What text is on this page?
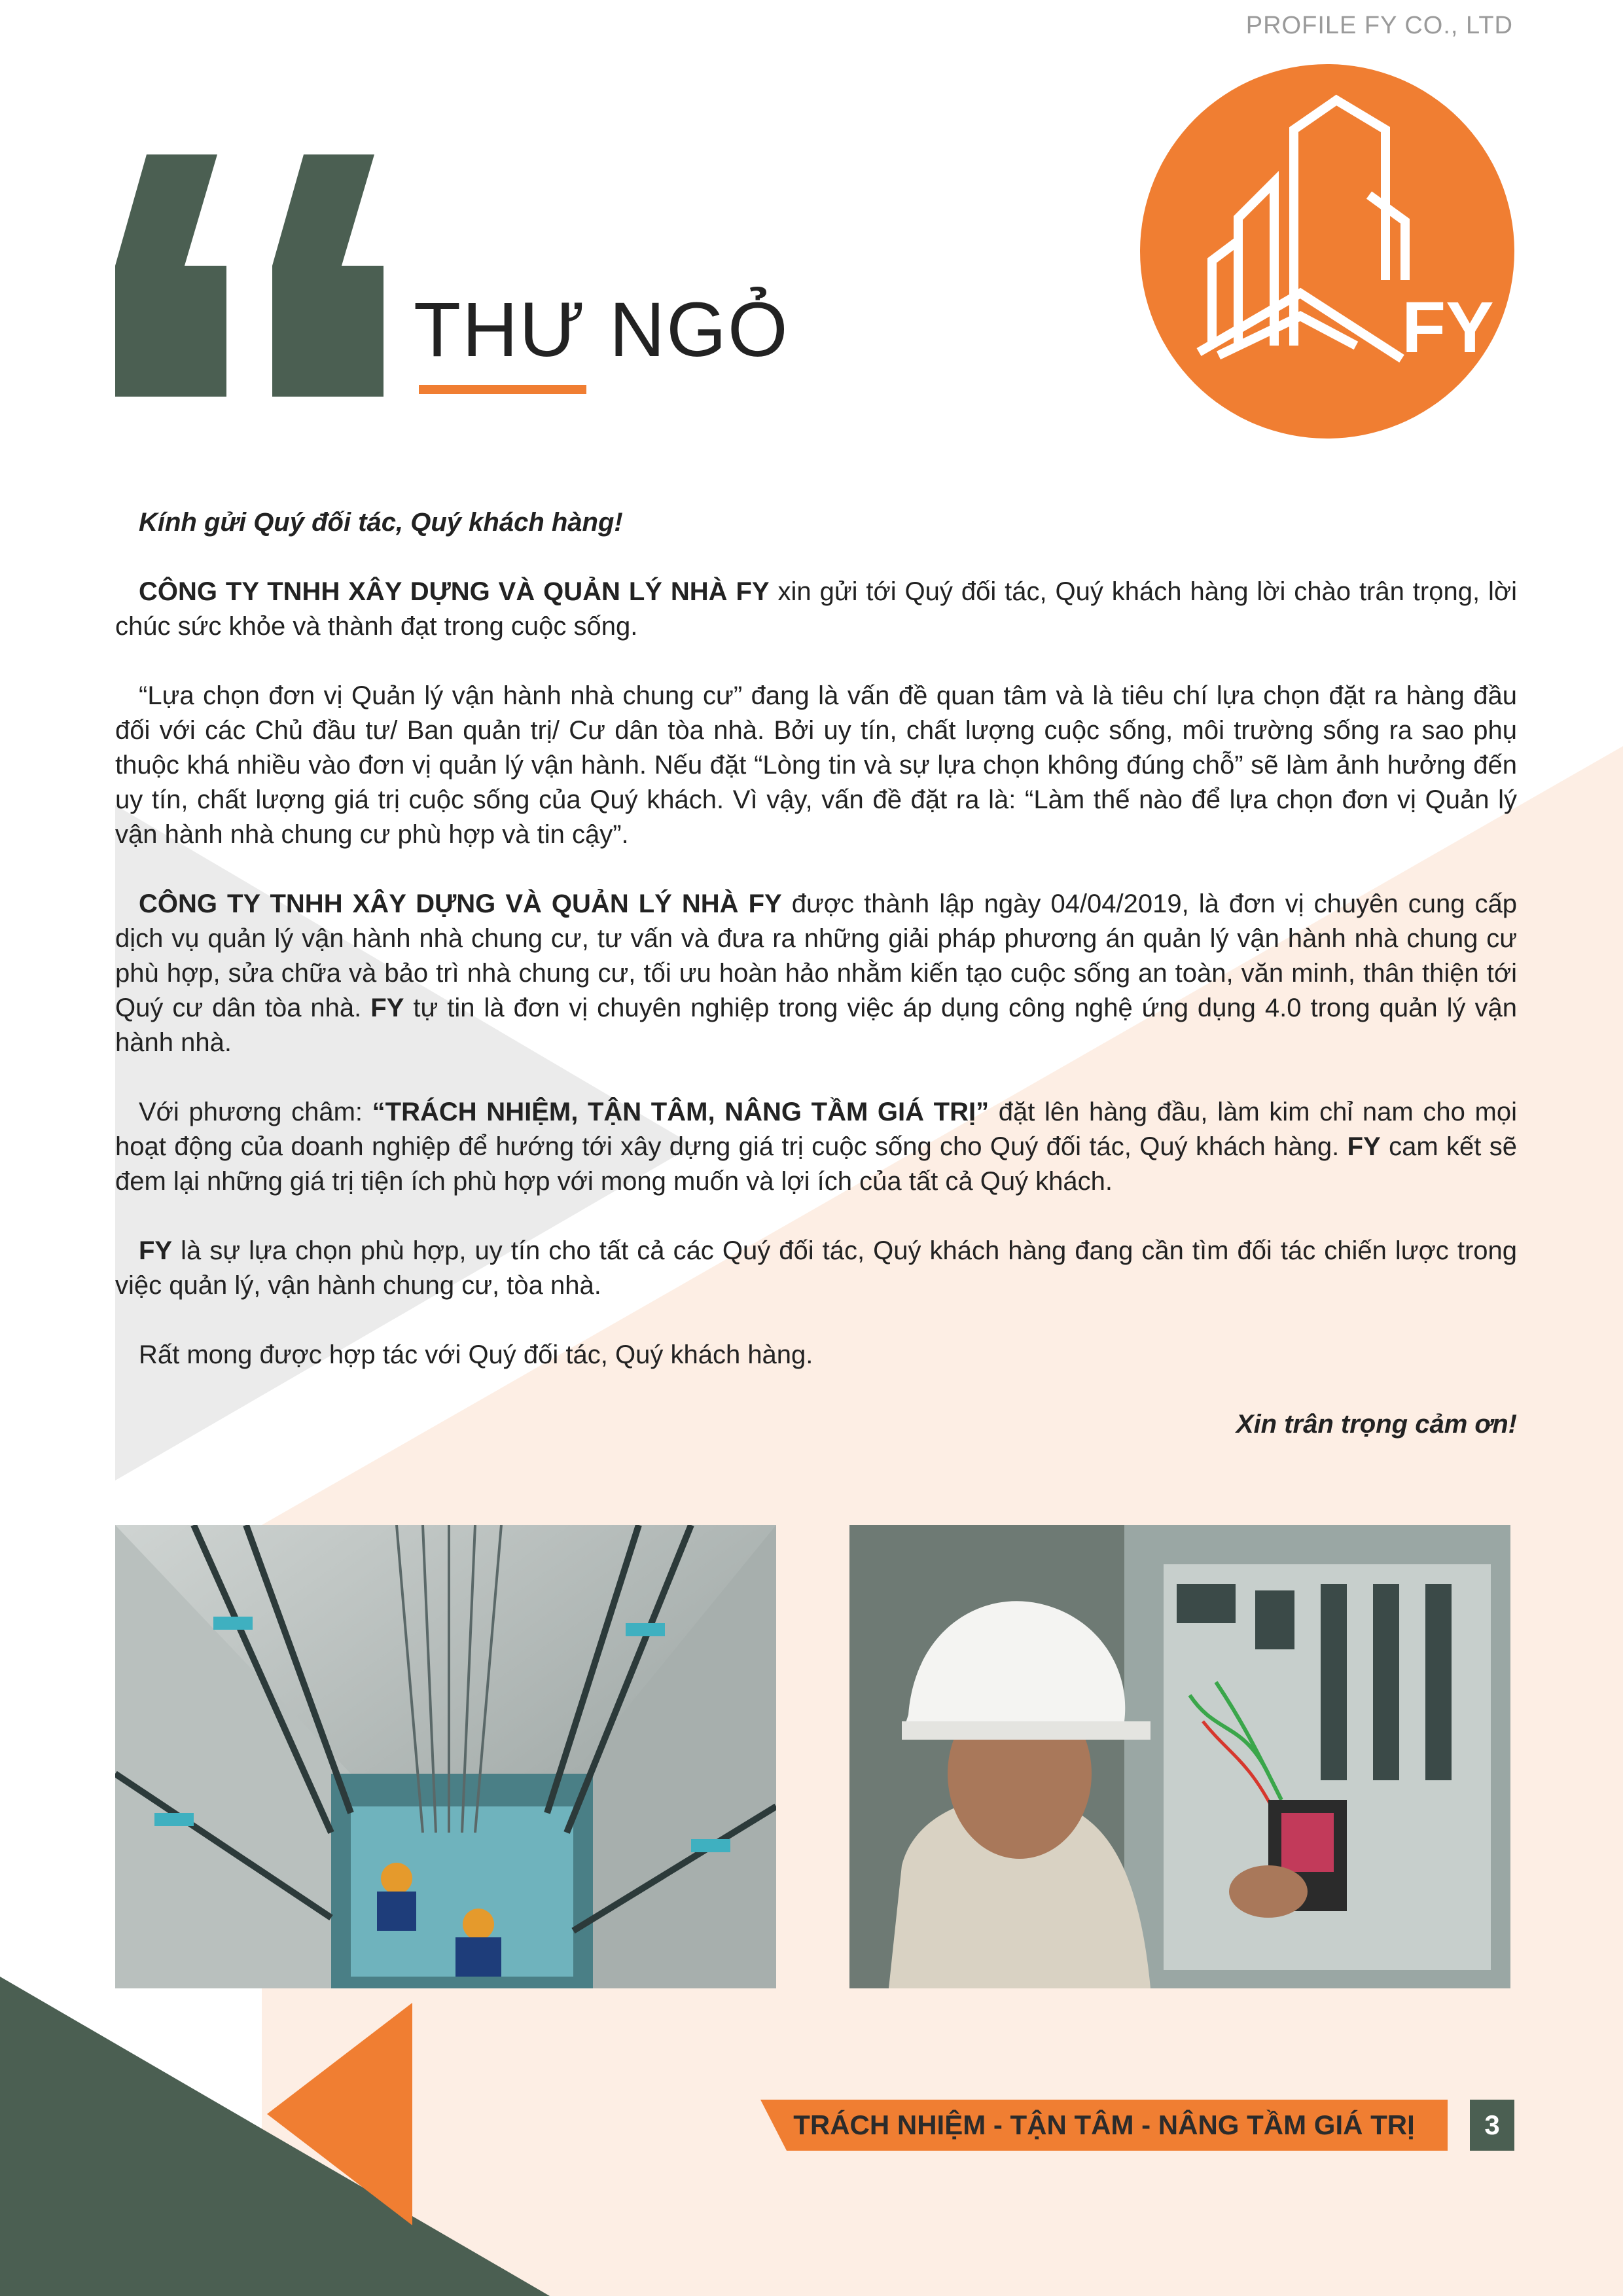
PROFILE FY CO., LTD
THƯ NGỎ	FY

Kính gửi Quý đối tác, Quý khách hàng!

CÔNG TY TNHH XÂY DỰNG VÀ QUẢN LÝ NHÀ FY xin gửi tới Quý đối tác, Quý khách hàng lời chào trân trọng, lời chúc sức khỏe và thành đạt trong cuộc sống.

“Lựa chọn đơn vị Quản lý vận hành nhà chung cư” đang là vấn đề quan tâm và là tiêu chí lựa chọn đặt ra hàng đầu đối với các Chủ đầu tư/ Ban quản trị/ Cư dân tòa nhà. Bởi uy tín, chất lượng cuộc sống, môi trường sống ra sao phụ thuộc khá nhiều vào đơn vị quản lý vận hành. Nếu đặt “Lòng tin và sự lựa chọn không đúng chỗ” sẽ làm ảnh hưởng đến uy tín, chất lượng giá trị cuộc sống của Quý khách. Vì vậy, vấn đề đặt ra là: “Làm thế nào để lựa chọn đơn vị Quản lý vận hành nhà chung cư phù hợp và tin cậy”.

CÔNG TY TNHH XÂY DỰNG VÀ QUẢN LÝ NHÀ FY được thành lập ngày 04/04/2019, là đơn vị chuyên cung cấp dịch vụ quản lý vận hành nhà chung cư, tư vấn và đưa ra những giải pháp phương án quản lý vận hành nhà chung cư phù hợp, sửa chữa và bảo trì nhà chung cư, tối ưu hoàn hảo nhằm kiến tạo cuộc sống an toàn, văn minh, thân thiện tới Quý cư dân tòa nhà. FY tự tin là đơn vị chuyên nghiệp trong việc áp dụng công nghệ ứng dụng 4.0 trong quản lý vận hành nhà.

Với phương châm: “TRÁCH NHIỆM, TẬN TÂM, NÂNG TẦM GIÁ TRỊ” đặt lên hàng đầu, làm kim chỉ nam cho mọi hoạt động của doanh nghiệp để hướng tới xây dựng giá trị cuộc sống cho Quý đối tác, Quý khách hàng. FY cam kết sẽ đem lại những giá trị tiện ích phù hợp với mong muốn và lợi ích của tất cả Quý khách.

FY là sự lựa chọn phù hợp, uy tín cho tất cả các Quý đối tác, Quý khách hàng đang cần tìm đối tác chiến lược trong việc quản lý, vận hành chung cư, tòa nhà.

Rất mong được hợp tác với Quý đối tác, Quý khách hàng.

Xin trân trọng cảm ơn!

TRÁCH NHIỆM - TẬN TÂM - NÂNG TẦM GIÁ TRỊ	3
